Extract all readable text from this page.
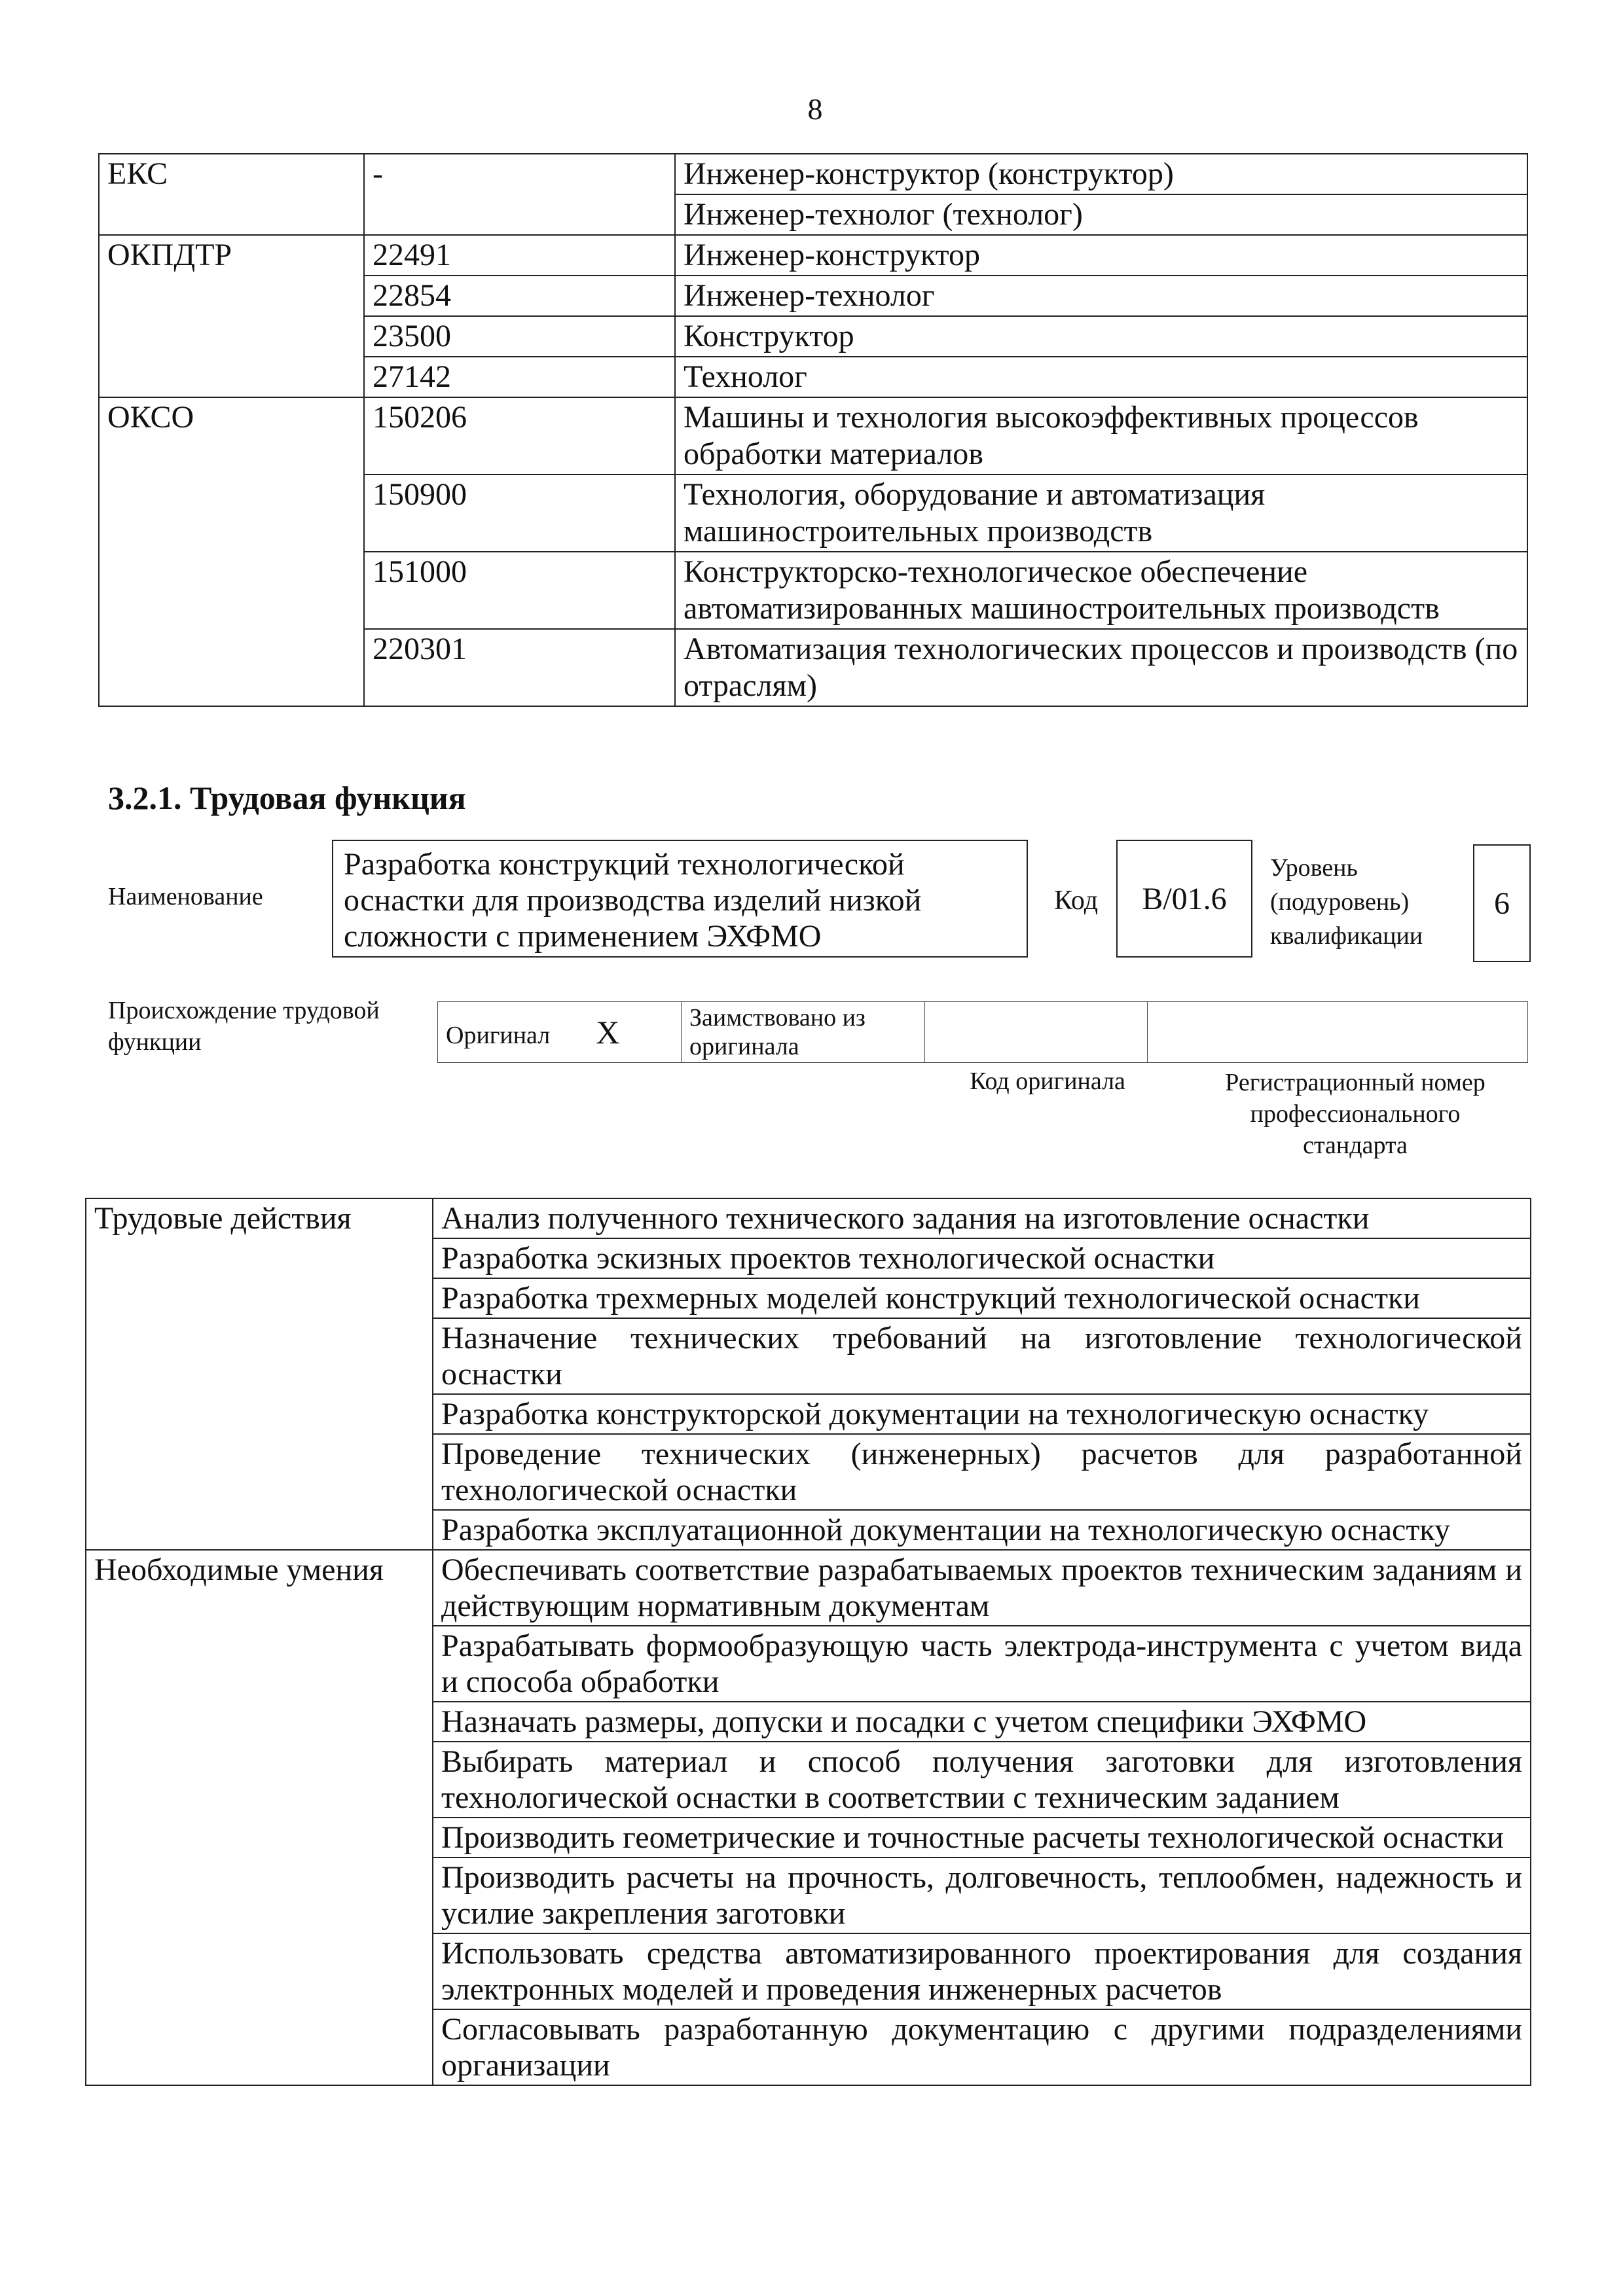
8
ЕКС	-	Инженер-конструктор (конструктор)
		Инженер-технолог (технолог)
ОКПДТР	22491	Инженер-конструктор
	22854	Инженер-технолог
	23500	Конструктор
	27142	Технолог
ОКСО	150206	Машины и технология высокоэффективных процессов обработки материалов
	150900	Технология, оборудование и автоматизация машиностроительных производств
	151000	Конструкторско-технологическое обеспечение автоматизированных машиностроительных производств
	220301	Автоматизация технологических процессов и производств (по отраслям)
3.2.1. Трудовая функция
Наименование
Разработка конструкций технологической оснастки для производства изделий низкой сложности с применением ЭХФМО
Код	В/01.6
Уровень
(подуровень)
квалификации
6
Происхождение трудовой
функции	Оригинал X	Заимствовано из
оригинала

Код оригинала	Регистрационный номер
профессионального
стандарта
Трудовые действия	Анализ полученного технического задания на изготовление оснастки
	Разработка эскизных проектов технологической оснастки
	Разработка трехмерных моделей конструкций технологической оснастки
	Назначение технических требований на изготовление технологической оснастки
	Разработка конструкторской документации на технологическую оснастку
	Проведение технических (инженерных) расчетов для разработанной технологической оснастки
	Разработка эксплуатационной документации на технологическую оснастку
Необходимые умения	Обеспечивать соответствие разрабатываемых проектов техническим заданиям и действующим нормативным документам
	Разрабатывать формообразующую часть электрода-инструмента с учетом вида и способа обработки
	Назначать размеры, допуски и посадки с учетом специфики ЭХФМО
	Выбирать материал и способ получения заготовки для изготовления технологической оснастки в соответствии с техническим заданием
	Производить геометрические и точностные расчеты технологической оснастки
	Производить расчеты на прочность, долговечность, теплообмен, надежность и усилие закрепления заготовки
	Использовать средства автоматизированного проектирования для создания электронных моделей и проведения инженерных расчетов
	Согласовывать разработанную документацию с другими подразделениями организации
